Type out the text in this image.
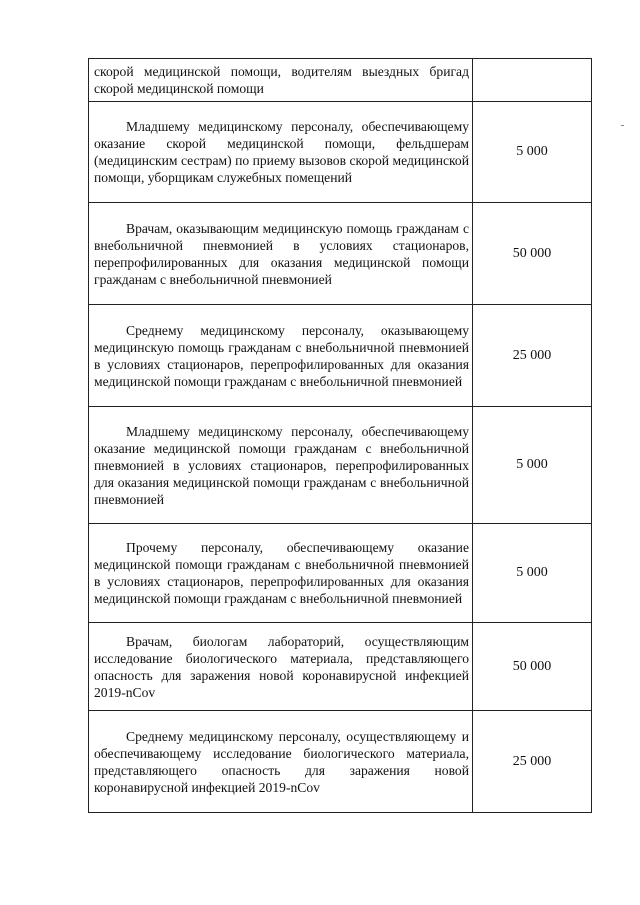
скорой медицинской помощи, водителям выездных бригад скорой медицинской помощи	
Младшему медицинскому персоналу, обеспечивающему оказание скорой медицинской помощи, фельдшерам (медицинским сестрам) по приему вызовов скорой медицинской помощи, уборщикам служебных помещений	5 000
Врачам, оказывающим медицинскую помощь гражданам с внебольничной пневмонией в условиях стационаров, перепрофилированных для оказания медицинской помощи гражданам с внебольничной пневмонией	50 000
Среднему медицинскому персоналу, оказывающему медицинскую помощь гражданам с внебольничной пневмонией в условиях стационаров, перепрофилированных для оказания медицинской помощи гражданам с внебольничной пневмонией	25 000
Младшему медицинскому персоналу, обеспечивающему оказание медицинской помощи гражданам с внебольничной пневмонией в условиях стационаров, перепрофилированных для оказания медицинской помощи гражданам с внебольничной пневмонией	5 000
Прочему персоналу, обеспечивающему оказание медицинской помощи гражданам с внебольничной пневмонией в условиях стационаров, перепрофилированных для оказания медицинской помощи гражданам с внебольничной пневмонией	5 000
Врачам, биологам лабораторий, осуществляющим исследование биологического материала, представляющего опасность для заражения новой коронавирусной инфекцией 2019-nCov	50 000
Среднему медицинскому персоналу, осуществляющему и обеспечивающему исследование биологического материала, представляющего опасность для заражения новой коронавирусной инфекцией 2019-nCov	25 000
